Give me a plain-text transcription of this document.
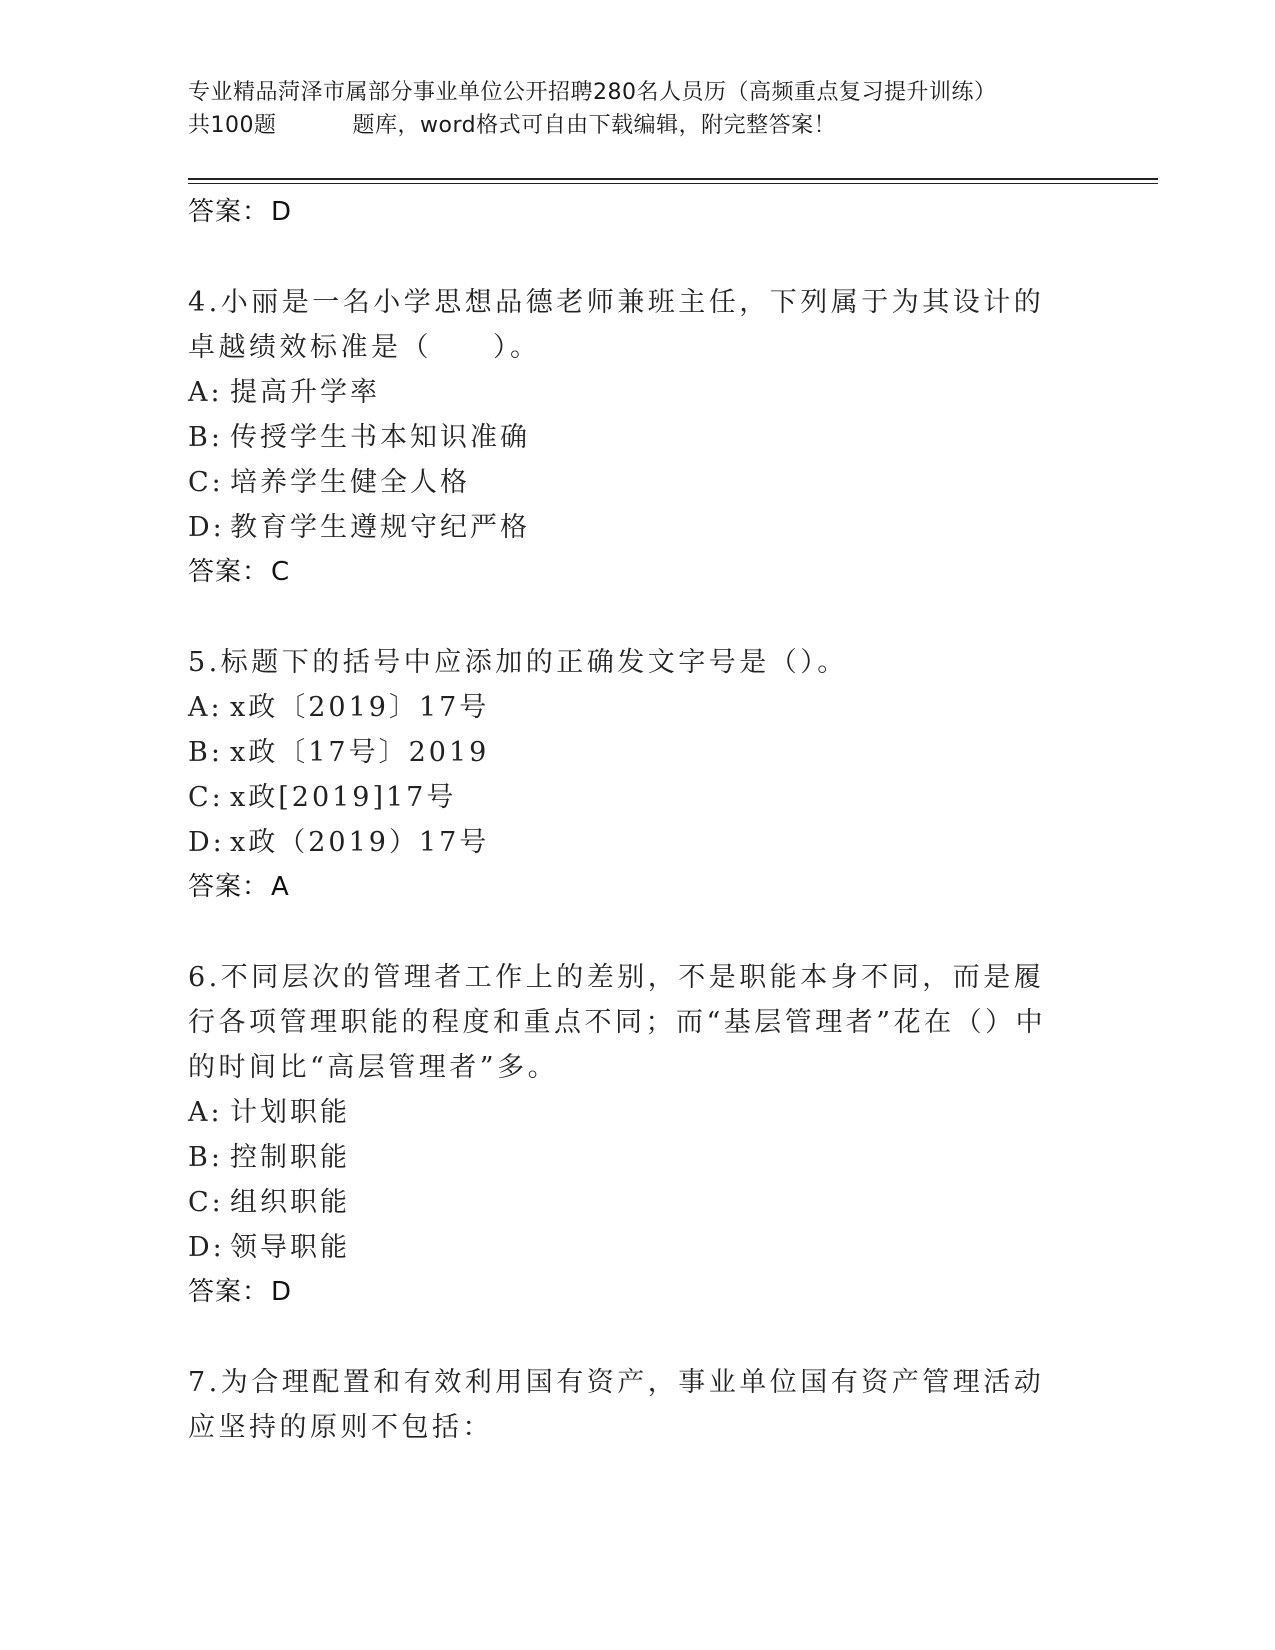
专业精品菏泽市属部分事业单位公开招聘280名人员历（高频重点复习提升训练）
共100题	题库，word格式可自由下载编辑，附完整答案！
答案：D

4.小丽是一名小学思想品德老师兼班主任，下列属于为其设计的卓越绩效标准是（　　）。

A: 提高升学率
B: 传授学生书本知识准确
C: 培养学生健全人格
D: 教育学生遵规守纪严格
答案：C

5.标题下的括号中应添加的正确发文字号是（）。

A: x政〔2019〕17号
B: x政〔17号〕2019
C: x政[2019]17号
D: x政（2019）17号
答案：A

6.不同层次的管理者工作上的差别，不是职能本身不同，而是履行各项管理职能的程度和重点不同；而“基层管理者”花在（）中的时间比“高层管理者”多。

A: 计划职能
B: 控制职能
C: 组织职能
D: 领导职能
答案：D

7.为合理配置和有效利用国有资产，事业单位国有资产管理活动应坚持的原则不包括：
